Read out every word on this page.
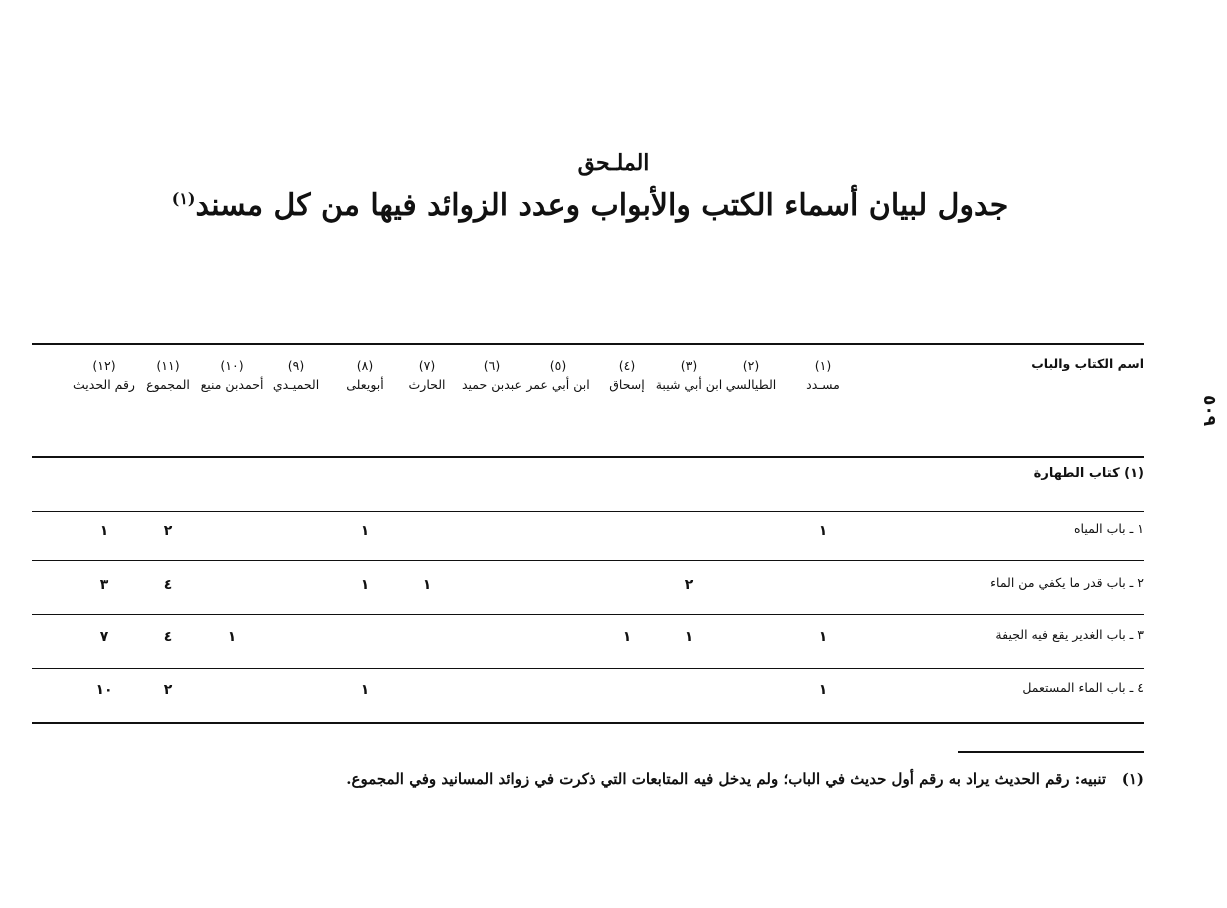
الملـحق
جدول لبيان أسماء الكتب والأبواب وعدد الزوائد فيها من كل مسند$^{(١)}$
٥٠٩
اسم الكتاب والباب
(١)
مسـدد
(٢)
الطيالسي
(٣)
ابن أبي شيبة
(٤)
إسحاق
(٥)
ابن أبي عمر
(٦)
عبدبن حميد
(٧)
الحارث
(٨)
أبويعلى
(٩)
الحميـدي
(١٠)
أحمدبن منيع
(١١)
المجموع
(١٢)
رقم الحديث
(١) كتاب الطهارة
١ ـ باب المياه
١
١
٢
١
٢ ـ باب قدر ما يكفي من الماء
٢
١
١
٤
٣
٣ ـ باب الغدير يقع فيه الجيفة
١
١
١
١
٤
٧
٤ ـ باب الماء المستعمل
١
١
٢
١٠
(١)   تنبيه: رقم الحديث يراد به رقم أول حديث في الباب؛ ولم يدخل فيه المتابعات التي ذكرت في زوائد المسانيد وفي المجموع.
